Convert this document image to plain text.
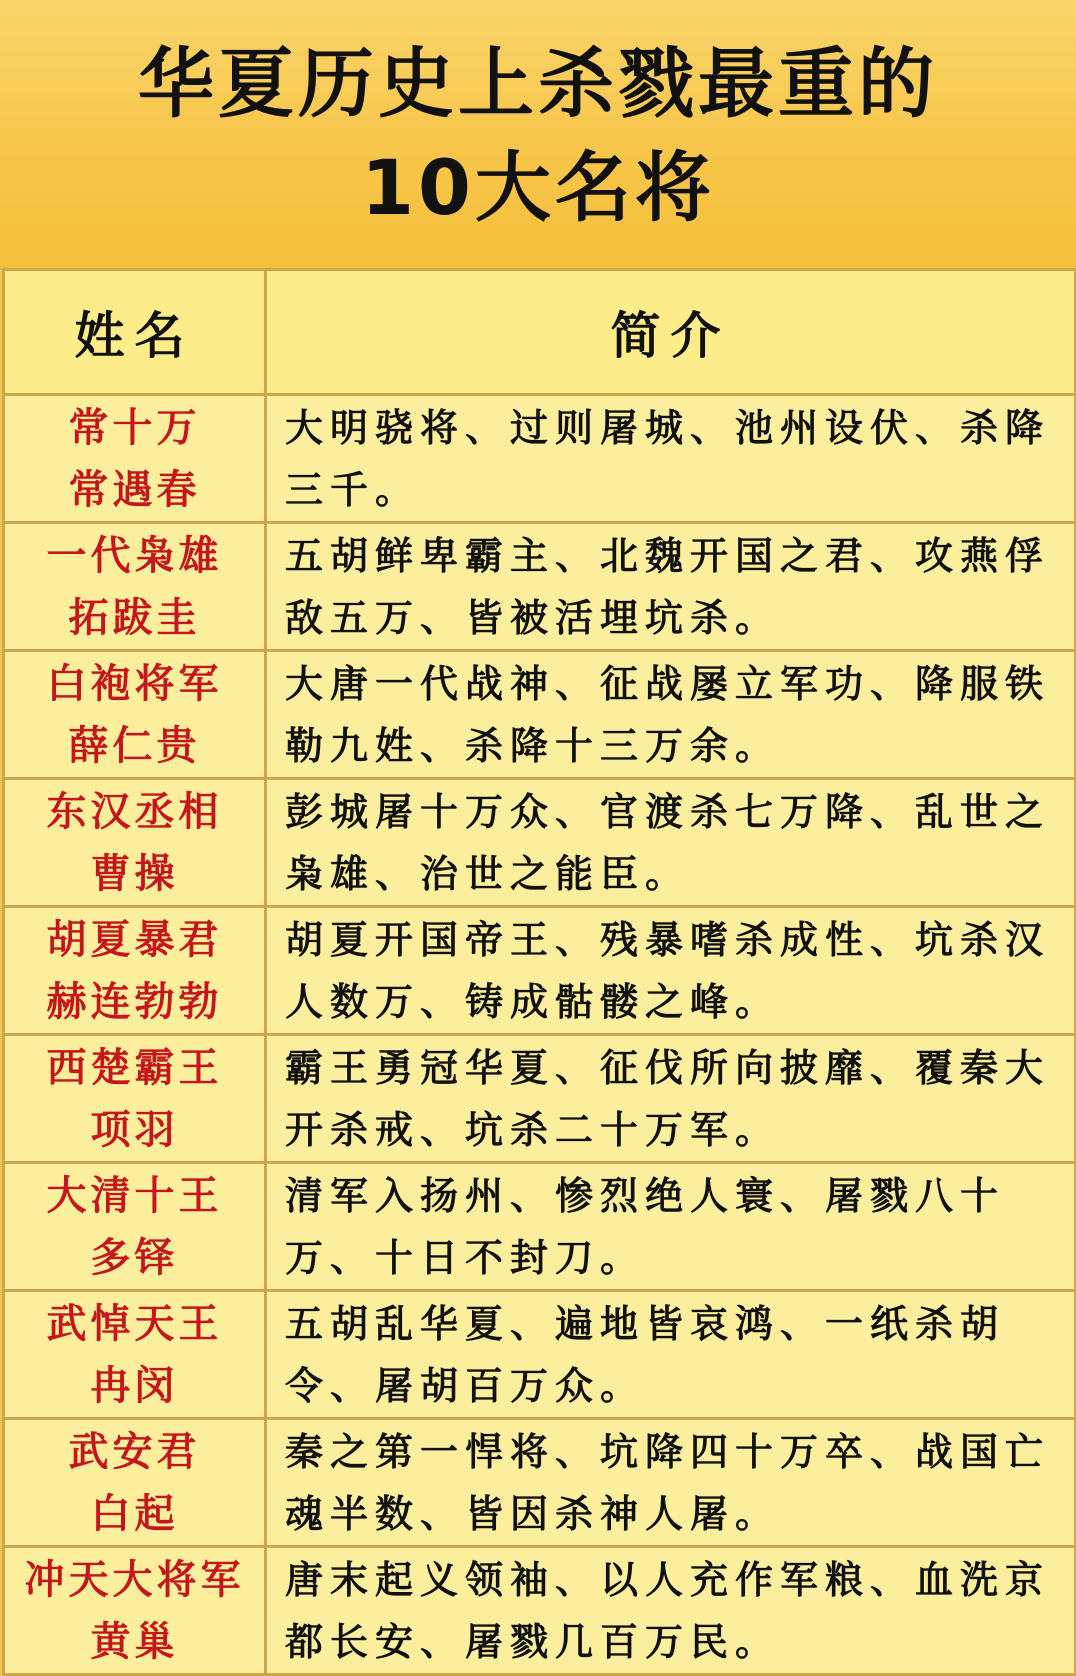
华夏历史上杀戮最重的
10大名将
姓名	简介

常十万
常遇春	大明骁将、过则屠城、池州设伏、杀降三千。

一代枭雄
拓跋圭	五胡鲜卑霸主、北魏开国之君、攻燕俘敌五万、皆被活埋坑杀。

白袍将军
薛仁贵	大唐一代战神、征战屡立军功、降服铁勒九姓、杀降十三万余。

东汉丞相
曹操	彭城屠十万众、官渡杀七万降、乱世之枭雄、治世之能臣。

胡夏暴君
赫连勃勃	胡夏开国帝王、残暴嗜杀成性、坑杀汉人数万、铸成骷髅之峰。

西楚霸王
项羽	霸王勇冠华夏、征伐所向披靡、覆秦大开杀戒、坑杀二十万军。

大清十王
多铎	清军入扬州、惨烈绝人寰、屠戮八十万、十日不封刀。

武悼天王
冉闵	五胡乱华夏、遍地皆哀鸿、一纸杀胡令、屠胡百万众。

武安君
白起	秦之第一悍将、坑降四十万卒、战国亡魂半数、皆因杀神人屠。

冲天大将军
黄巢	唐末起义领袖、以人充作军粮、血洗京都长安、屠戮几百万民。
